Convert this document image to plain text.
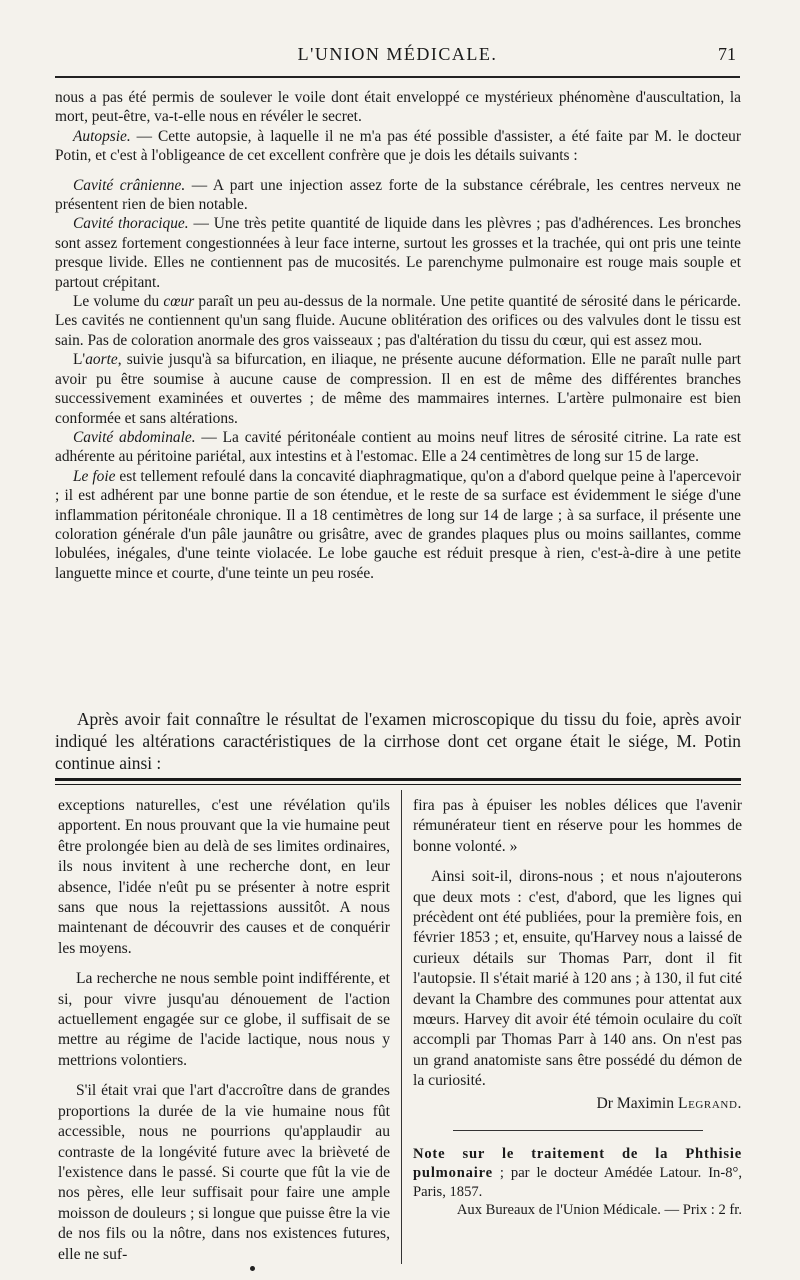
L'UNION MÉDICALE.	71

nous a pas été permis de soulever le voile dont était enveloppé ce mystérieux phénomène d'auscultation, la mort, peut-être, va-t-elle nous en révéler le secret.

Autopsie. — Cette autopsie, à laquelle il ne m'a pas été possible d'assister, a été faite par M. le docteur Potin, et c'est à l'obligeance de cet excellent confrère que je dois les détails suivants :

Cavité crânienne. — A part une injection assez forte de la substance cérébrale, les centres nerveux ne présentent rien de bien notable.

Cavité thoracique. — Une très petite quantité de liquide dans les plèvres ; pas d'adhérences. Les bronches sont assez fortement congestionnées à leur face interne, surtout les grosses et la trachée, qui ont pris une teinte presque livide. Elles ne contiennent pas de mucosités. Le parenchyme pulmonaire est rouge mais souple et partout crépitant.

Le volume du cœur paraît un peu au-dessus de la normale. Une petite quantité de sérosité dans le péricarde. Les cavités ne contiennent qu'un sang fluide. Aucune oblitération des orifices ou des valvules dont le tissu est sain. Pas de coloration anormale des gros vaisseaux ; pas d'altération du tissu du cœur, qui est assez mou.

L'aorte, suivie jusqu'à sa bifurcation, en iliaque, ne présente aucune déformation. Elle ne paraît nulle part avoir pu être soumise à aucune cause de compression. Il en est de même des différentes branches successivement examinées et ouvertes ; de même des mammaires internes. L'artère pulmonaire est bien conformée et sans altérations.

Cavité abdominale. — La cavité péritonéale contient au moins neuf litres de sérosité citrine. La rate est adhérente au péritoine pariétal, aux intestins et à l'estomac. Elle a 24 centimètres de long sur 15 de large.

Le foie est tellement refoulé dans la concavité diaphragmatique, qu'on a d'abord quelque peine à l'apercevoir ; il est adhérent par une bonne partie de son étendue, et le reste de sa surface est évidemment le siége d'une inflammation péritonéale chronique. Il a 18 centimètres de long sur 14 de large ; à sa surface, il présente une coloration générale d'un pâle jaunâtre ou grisâtre, avec de grandes plaques plus ou moins saillantes, comme lobulées, inégales, d'une teinte violacée. Le lobe gauche est réduit presque à rien, c'est-à-dire à une petite languette mince et courte, d'une teinte un peu rosée.

Après avoir fait connaître le résultat de l'examen microscopique du tissu du foie, après avoir indiqué les altérations caractéristiques de la cirrhose dont cet organe était le siége, M. Potin continue ainsi :

exceptions naturelles, c'est une révélation qu'ils apportent. En nous prouvant que la vie humaine peut être prolongée bien au delà de ses limites ordinaires, ils nous invitent à une recherche dont, en leur absence, l'idée n'eût pu se présenter à notre esprit sans que nous la rejettassions aussitôt. A nous maintenant de découvrir des causes et de conquérir les moyens.

La recherche ne nous semble point indifférente, et si, pour vivre jusqu'au dénouement de l'action actuellement engagée sur ce globe, il suffisait de se mettre au régime de l'acide lactique, nous nous y mettrions volontiers.

S'il était vrai que l'art d'accroître dans de grandes proportions la durée de la vie humaine nous fût accessible, nous ne pourrions qu'applaudir au contraste de la longévité future avec la brièveté de l'existence dans le passé. Si courte que fût la vie de nos pères, elle leur suffisait pour faire une ample moisson de douleurs ; si longue que puisse être la vie de nos fils ou la nôtre, dans nos existences futures, elle ne suf-

fira pas à épuiser les nobles délices que l'avenir rémunérateur tient en réserve pour les hommes de bonne volonté. »

Ainsi soit-il, dirons-nous ; et nous n'ajouterons que deux mots : c'est, d'abord, que les lignes qui précèdent ont été publiées, pour la première fois, en février 1853 ; et, ensuite, qu'Harvey nous a laissé de curieux détails sur Thomas Parr, dont il fit l'autopsie. Il s'était marié à 120 ans ; à 130, il fut cité devant la Chambre des communes pour attentat aux mœurs. Harvey dit avoir été témoin oculaire du coït accompli par Thomas Parr à 140 ans. On n'est pas un grand anatomiste sans être possédé du démon de la curiosité.

Dr Maximin Legrand.

Note sur le traitement de la Phthisie pulmonaire ; par le docteur Amédée Latour. In-8°, Paris, 1857.

Aux Bureaux de l'Union Médicale. — Prix : 2 fr.
